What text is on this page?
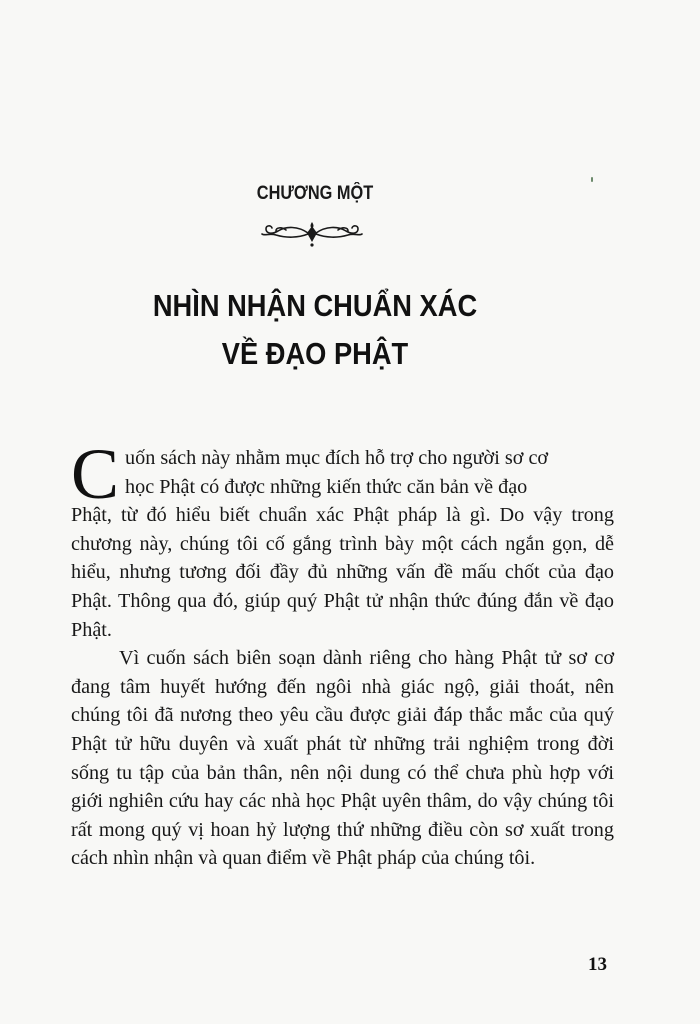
CHƯƠNG MỘT
NHÌN NHẬN CHUẨN XÁC
VỀ ĐẠO PHẬT

C uốn sách này nhằm mục đích hỗ trợ cho người sơ cơ
học Phật có được những kiến thức căn bản về đạo
Phật, từ đó hiểu biết chuẩn xác Phật pháp là gì. Do vậy trong chương này, chúng tôi cố gắng trình bày một cách ngắn gọn, dễ hiểu, nhưng tương đối đầy đủ những vấn đề mấu chốt của đạo Phật. Thông qua đó, giúp quý Phật tử nhận thức đúng đắn về đạo Phật.

Vì cuốn sách biên soạn dành riêng cho hàng Phật tử sơ cơ đang tâm huyết hướng đến ngôi nhà giác ngộ, giải thoát, nên chúng tôi đã nương theo yêu cầu được giải đáp thắc mắc của quý Phật tử hữu duyên và xuất phát từ những trải nghiệm trong đời sống tu tập của bản thân, nên nội dung có thể chưa phù hợp với giới nghiên cứu hay các nhà học Phật uyên thâm, do vậy chúng tôi rất mong quý vị hoan hỷ lượng thứ những điều còn sơ xuất trong cách nhìn nhận và quan điểm về Phật pháp của chúng tôi.

13
